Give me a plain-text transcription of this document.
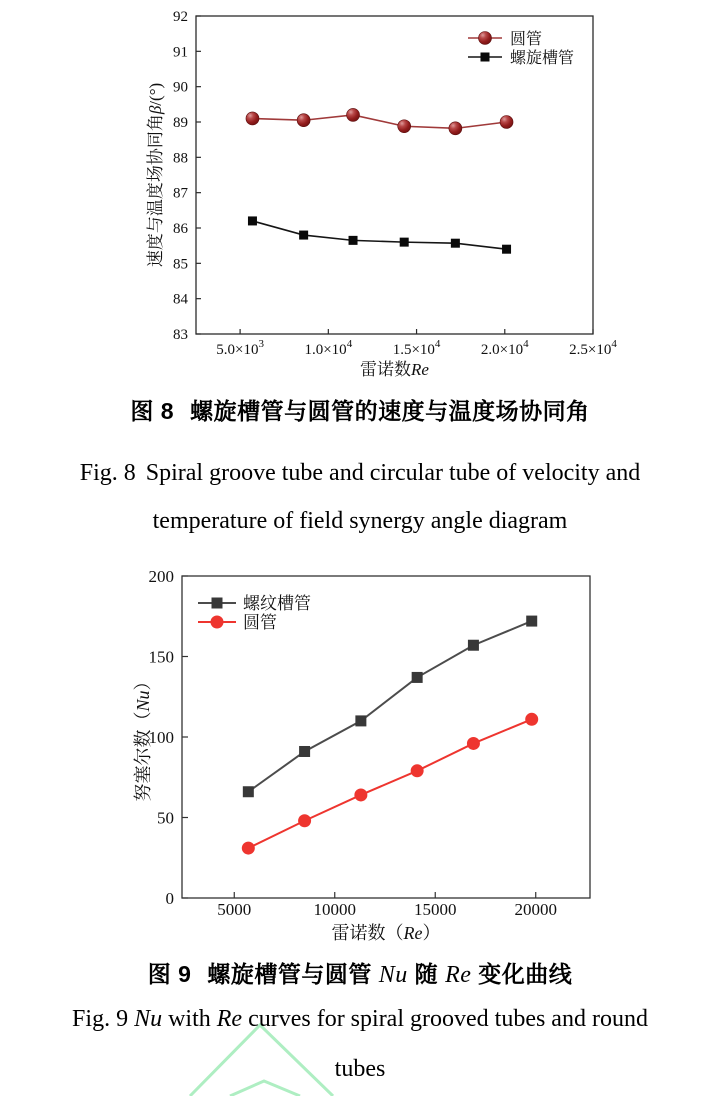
$5.0\times 10^3$	$1.0\times 10^4$	$1.5\times 10^4$	$2.0\times 10^4$	$2.5\times 10^4$
83
84
85
86
87
88
89
90
91
92
雷诺数Re
速度与温度场协同角β/(°)
圆管
螺旋槽管
图 8 螺旋槽管与圆管的速度与温度场协同角
Fig. 8 Spiral groove tube and circular tube of velocity and
temperature of field synergy angle diagram
5000	10000	15000	20000
0
50
100
150
200
雷诺数（Re）
努塞尔数（Nu）
螺纹槽管
圆管
图 9 螺旋槽管与圆管 Nu 随 Re 变化曲线
Fig. 9 Nu with Re curves for spiral grooved tubes and round
tubes
